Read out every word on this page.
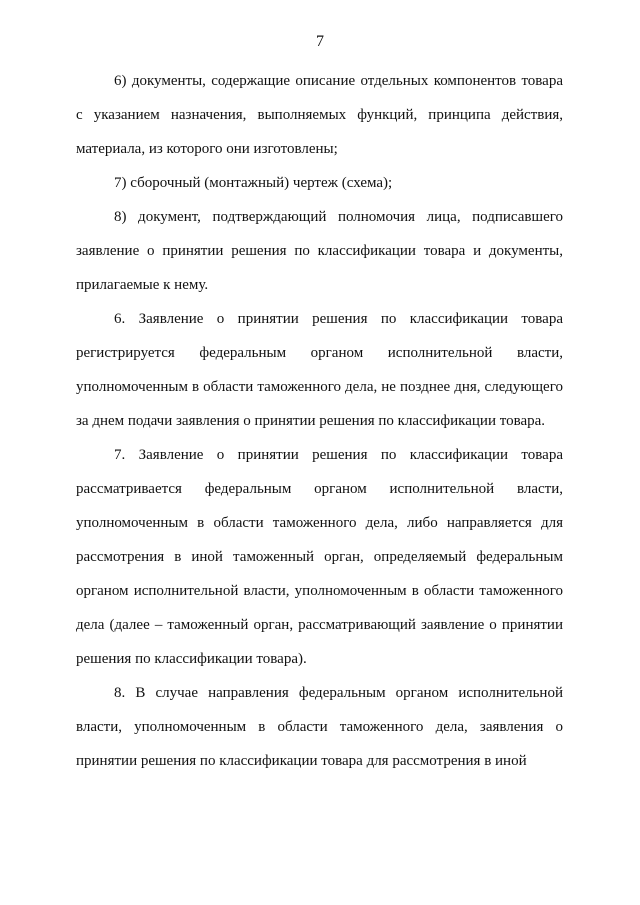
7

6) документы, содержащие описание отдельных компонентов товара с указанием назначения, выполняемых функций, принципа действия, материала, из которого они изготовлены;

7) сборочный (монтажный) чертеж (схема);

8) документ, подтверждающий полномочия лица, подписавшего заявление о принятии решения по классификации товара и документы, прилагаемые к нему.

6. Заявление о принятии решения по классификации товара регистрируется федеральным органом исполнительной власти, уполномоченным в области таможенного дела, не позднее дня, следующего за днем подачи заявления о принятии решения по классификации товара.

7. Заявление о принятии решения по классификации товара рассматривается федеральным органом исполнительной власти, уполномоченным в области таможенного дела, либо направляется для рассмотрения в иной таможенный орган, определяемый федеральным органом исполнительной власти, уполномоченным в области таможенного дела (далее – таможенный орган, рассматривающий заявление о принятии решения по классификации товара).

8. В случае направления федеральным органом исполнительной власти, уполномоченным в области таможенного дела, заявления о принятии решения по классификации товара для рассмотрения в иной
